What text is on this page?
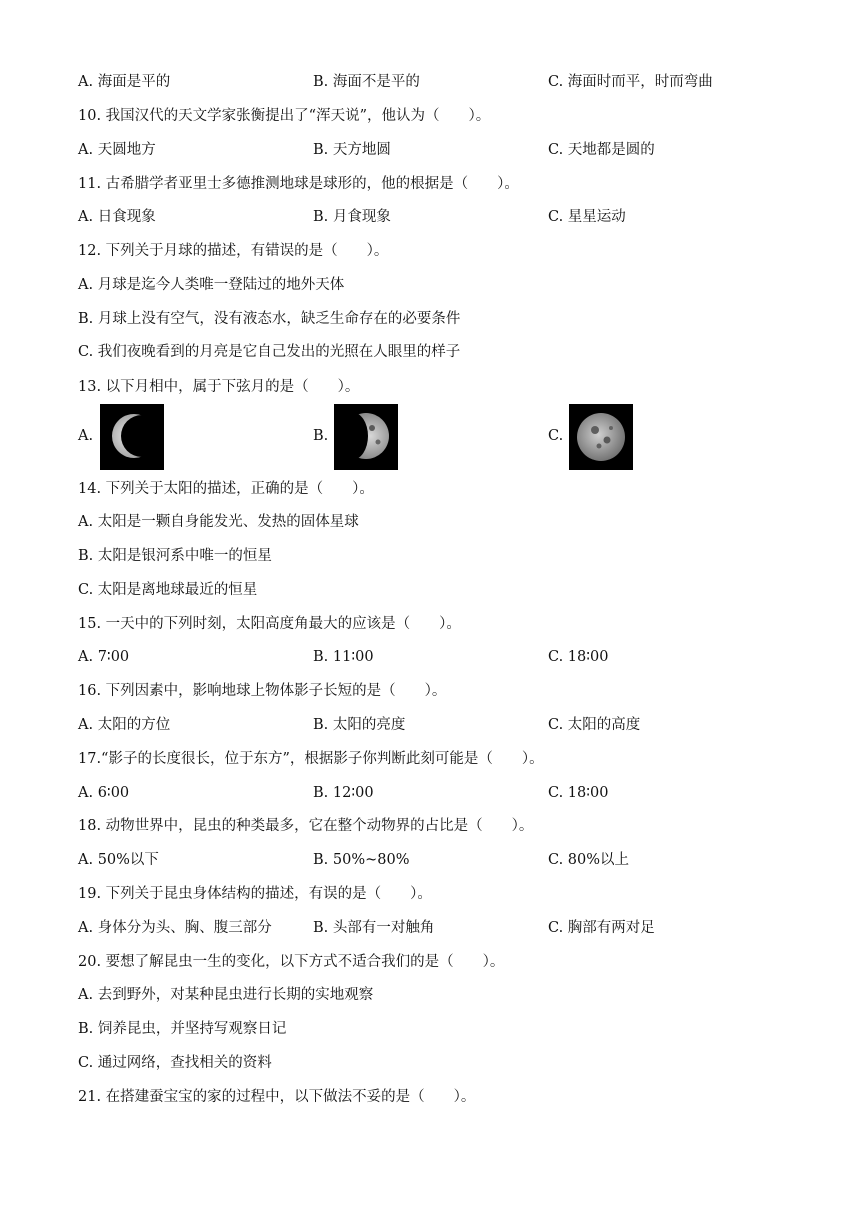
A. 海面是平的	B. 海面不是平的	C. 海面时而平，时而弯曲
10. 我国汉代的天文学家张衡提出了“浑天说”，他认为（　　）。
A. 天圆地方	B. 天方地圆	C. 天地都是圆的
11. 古希腊学者亚里士多德推测地球是球形的，他的根据是（　　）。
A. 日食现象	B. 月食现象	C. 星星运动
12. 下列关于月球的描述，有错误的是（　　）。
A. 月球是迄今人类唯一登陆过的地外天体
B. 月球上没有空气，没有液态水，缺乏生命存在的必要条件
C. 我们夜晚看到的月亮是它自己发出的光照在人眼里的样子
13. 以下月相中，属于下弦月的是（　　）。
A.	B.	C.
14. 下列关于太阳的描述，正确的是（　　）。
A. 太阳是一颗自身能发光、发热的固体星球
B. 太阳是银河系中唯一的恒星
C. 太阳是离地球最近的恒星
15. 一天中的下列时刻，太阳高度角最大的应该是（　　）。
A. 7∶00	B. 11∶00	C. 18∶00
16. 下列因素中，影响地球上物体影子长短的是（　　）。
A. 太阳的方位	B. 太阳的亮度	C. 太阳的高度
17.“影子的长度很长，位于东方”，根据影子你判断此刻可能是（　　）。
A. 6∶00	B. 12∶00	C. 18∶00
18. 动物世界中，昆虫的种类最多，它在整个动物界的占比是（　　）。
A. 50%以下	B. 50%~80%	C. 80%以上
19. 下列关于昆虫身体结构的描述，有误的是（　　）。
A. 身体分为头、胸、腹三部分	B. 头部有一对触角	C. 胸部有两对足
20. 要想了解昆虫一生的变化，以下方式不适合我们的是（　　）。
A. 去到野外，对某种昆虫进行长期的实地观察
B. 饲养昆虫，并坚持写观察日记
C. 通过网络，查找相关的资料
21. 在搭建蚕宝宝的家的过程中，以下做法不妥的是（　　）。
